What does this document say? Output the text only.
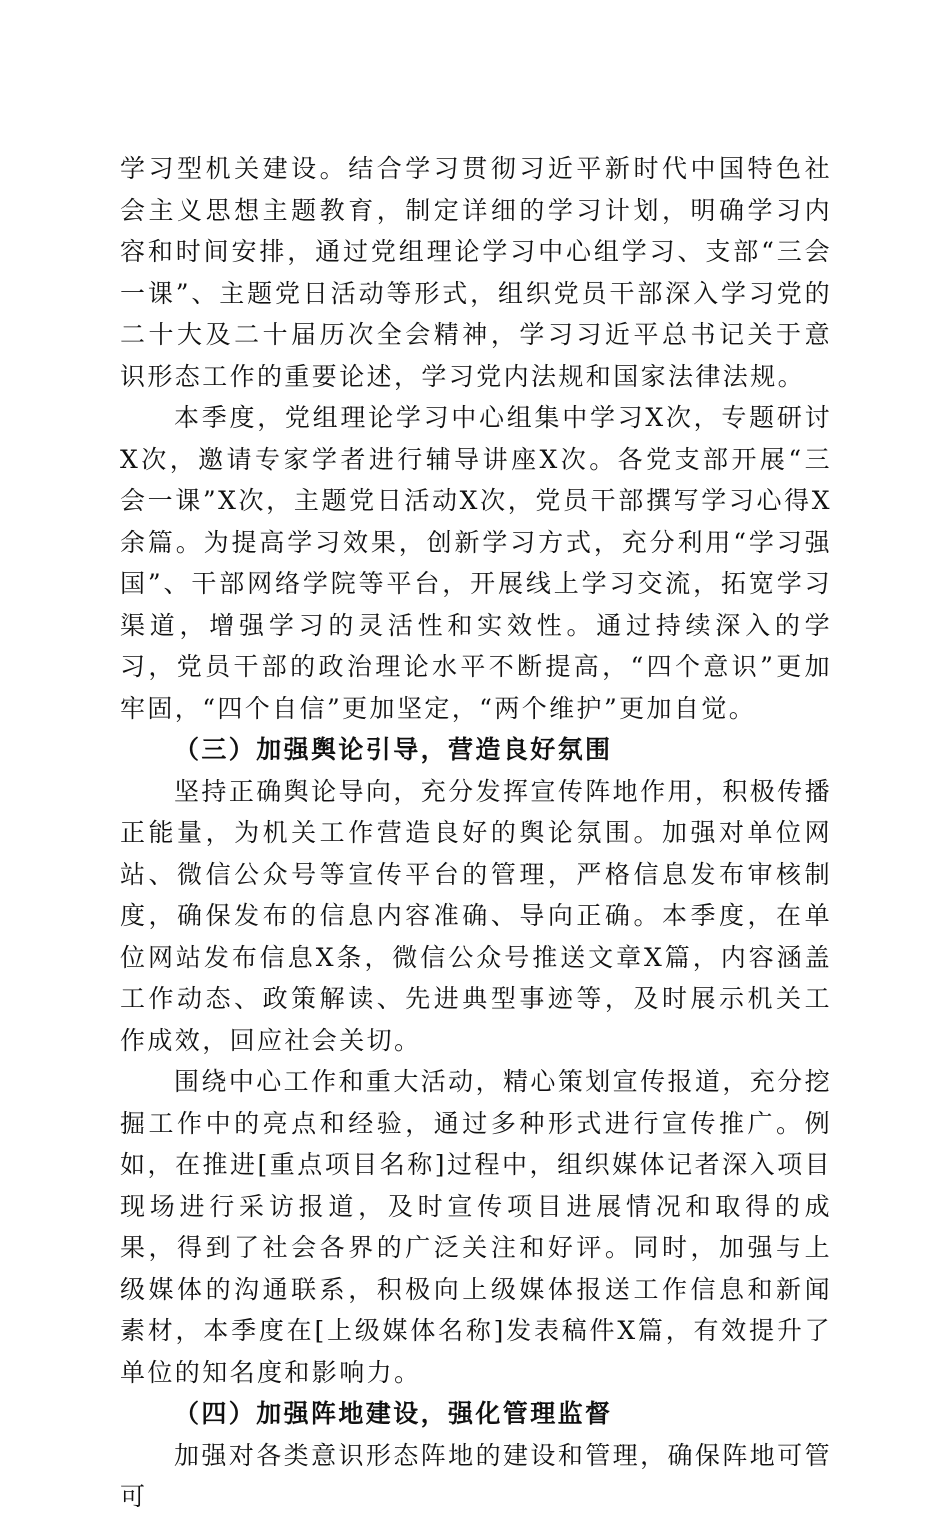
学习型机关建设。结合学习贯彻习近平新时代中国特色社会主义思想主题教育，制定详细的学习计划，明确学习内容和时间安排，通过党组理论学习中心组学习、支部“三会一课”、主题党日活动等形式，组织党员干部深入学习党的二十大及二十届历次全会精神，学习习近平总书记关于意识形态工作的重要论述，学习党内法规和国家法律法规。

本季度，党组理论学习中心组集中学习X次，专题研讨X次，邀请专家学者进行辅导讲座X次。各党支部开展“三会一课”X次，主题党日活动X次，党员干部撰写学习心得X余篇。为提高学习效果，创新学习方式，充分利用“学习强国”、干部网络学院等平台，开展线上学习交流，拓宽学习渠道，增强学习的灵活性和实效性。通过持续深入的学习，党员干部的政治理论水平不断提高，“四个意识”更加牢固，“四个自信”更加坚定，“两个维护”更加自觉。

（三）加强舆论引导，营造良好氛围

坚持正确舆论导向，充分发挥宣传阵地作用，积极传播正能量，为机关工作营造良好的舆论氛围。加强对单位网站、微信公众号等宣传平台的管理，严格信息发布审核制度，确保发布的信息内容准确、导向正确。本季度，在单位网站发布信息X条，微信公众号推送文章X篇，内容涵盖工作动态、政策解读、先进典型事迹等，及时展示机关工作成效，回应社会关切。

围绕中心工作和重大活动，精心策划宣传报道，充分挖掘工作中的亮点和经验，通过多种形式进行宣传推广。例如，在推进[重点项目名称]过程中，组织媒体记者深入项目现场进行采访报道，及时宣传项目进展情况和取得的成果，得到了社会各界的广泛关注和好评。同时，加强与上级媒体的沟通联系，积极向上级媒体报送工作信息和新闻素材，本季度在[上级媒体名称]发表稿件X篇，有效提升了单位的知名度和影响力。

（四）加强阵地建设，强化管理监督

加强对各类意识形态阵地的建设和管理，确保阵地可管可
